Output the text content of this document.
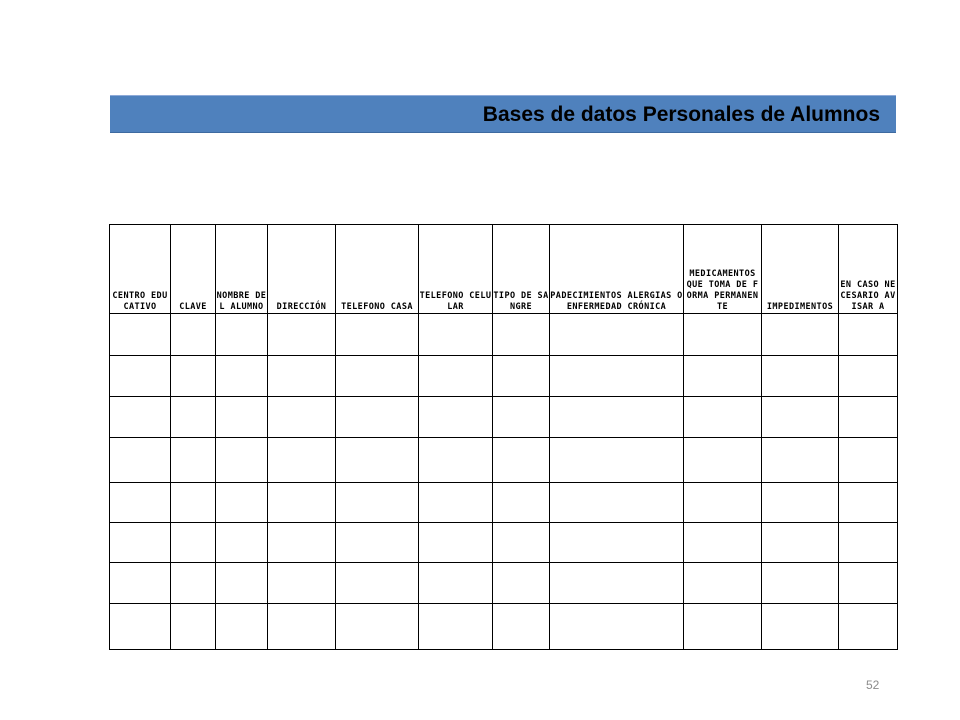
Bases de datos Personales de Alumnos
CENTRO EDUCATIVO	CLAVE	NOMBRE DEL ALUMNO	DIRECCIÓN	TELEFONO CASA	TELEFONO CELULAR	TIPO DE SANGRE	PADECIMIENTOS ALERGIAS O ENFERMEDAD CRÓNICA	MEDICAMENTOS QUE TOMA DE FORMA PERMANENTE	IMPEDIMENTOS	EN CASO NECESARIO AVISAR A

52
